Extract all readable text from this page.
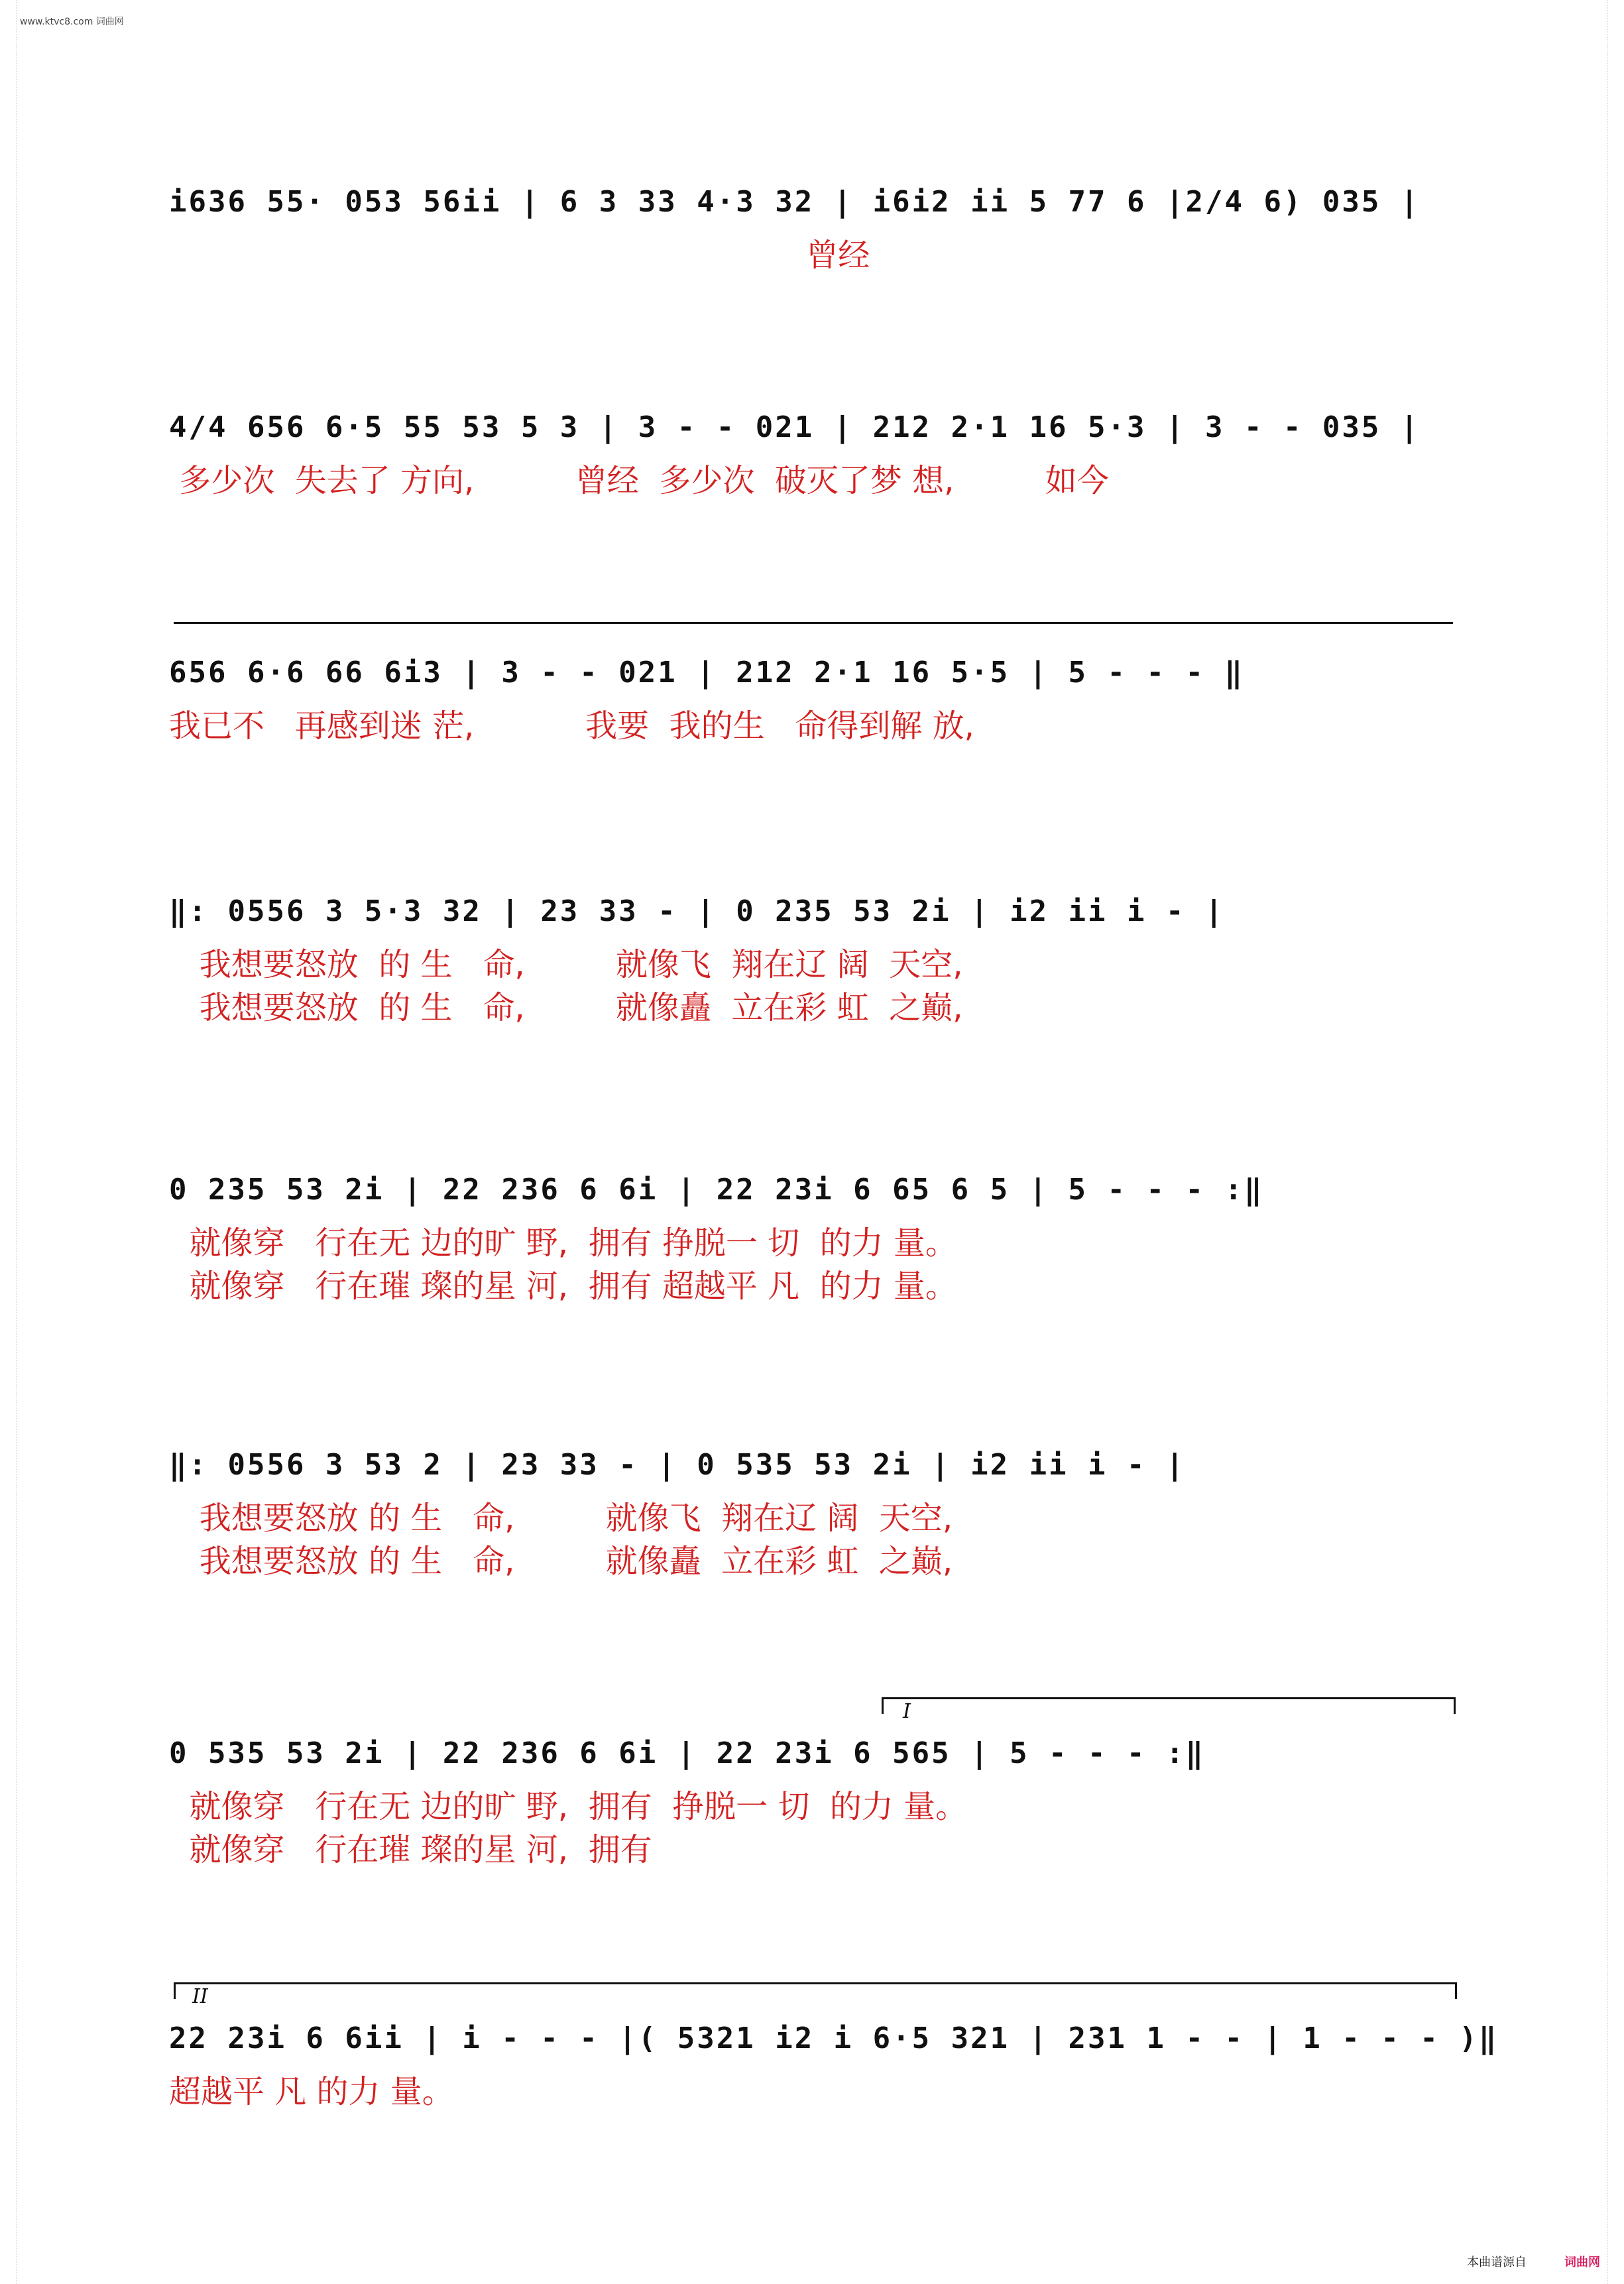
www.ktvc8.com 词曲网
i636 55· 053 56ii | 6 3 33 4·3 32 | i6i2 ii 5 77 6 |2/4 6) 035 |
曾经
4/4 656 6·5 55 53 5 3 | 3 - - 021 | 212 2·1 16 5·3 | 3 - - 035 |
多少次  失去了 方向,          曾经  多少次  破灭了梦 想,         如今
656 6·6 66 6i3 | 3 - - 021 | 212 2·1 16 5·5 | 5 - - - ‖
我已不   再感到迷 茫,           我要  我的生   命得到解 放,
‖: 0556 3 5·3 32 | 23 33 - | 0 235 53 2i | i2 ii i - |
我想要怒放  的 生   命,         就像飞  翔在辽 阔  天空,
我想要怒放  的 生   命,         就像矗  立在彩 虹  之巅,
0 235 53 2i | 22 236 6 6i | 22 23i 6 65 6 5 | 5 - - - :‖
就像穿   行在无 边的旷 野,  拥有 挣脱一 切  的力 量。
就像穿   行在璀 璨的星 河,  拥有 超越平 凡  的力 量。
‖: 0556 3 53 2 | 23 33 - | 0 535 53 2i | i2 ii i - |
我想要怒放 的 生   命,         就像飞  翔在辽 阔  天空,
我想要怒放 的 生   命,         就像矗  立在彩 虹  之巅,
I
0 535 53 2i | 22 236 6 6i | 22 23i 6 565 | 5 - - - :‖
就像穿   行在无 边的旷 野,  拥有  挣脱一 切  的力 量。
就像穿   行在璀 璨的星 河,  拥有
II
22 23i 6 6ii | i - - - |( 5321 i2 i 6·5 321 | 231 1 - - | 1 - - - )‖
超越平 凡 的力 量。
本曲谱源自	词曲网
